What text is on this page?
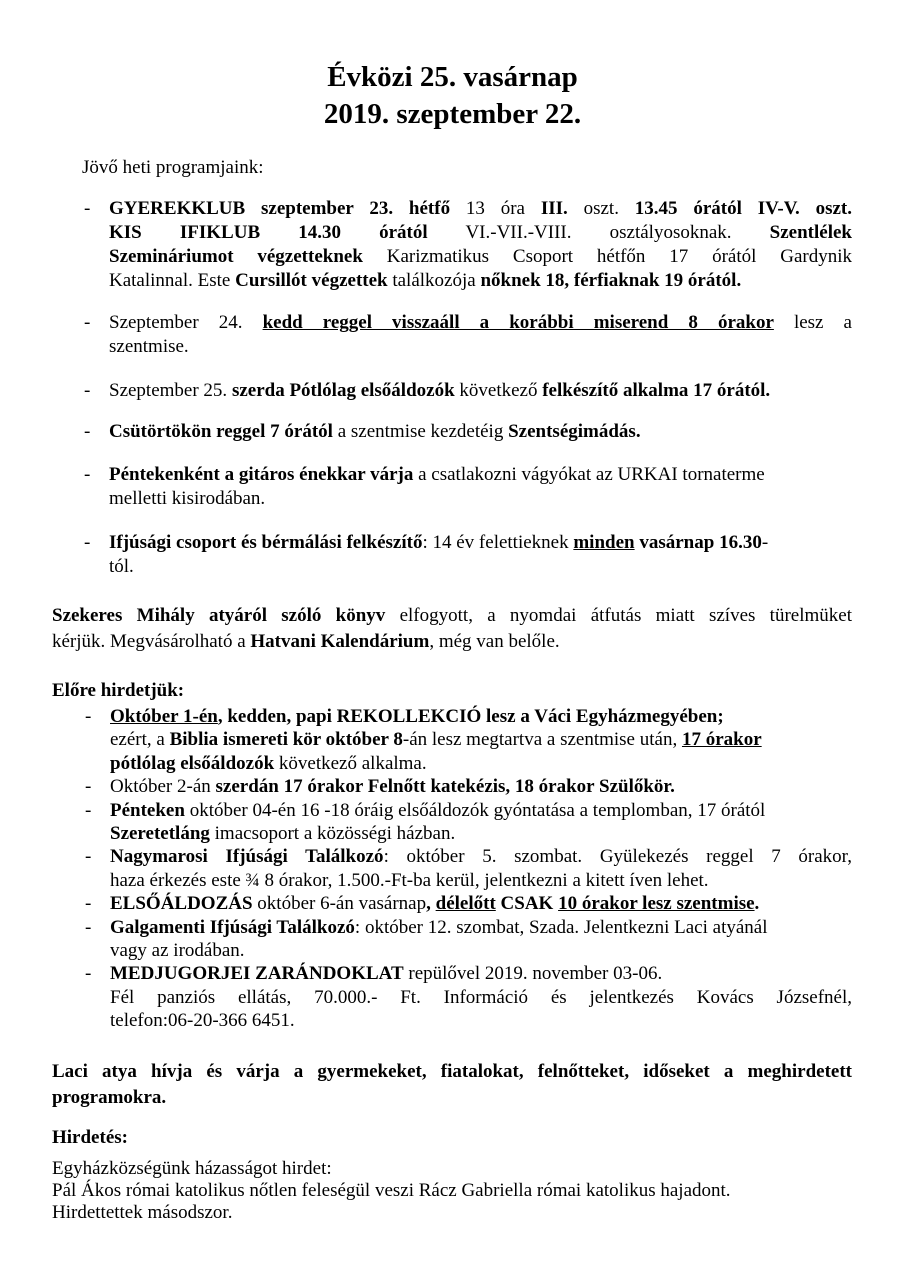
Évközi 25. vasárnap
2019. szeptember 22.
Jövő heti programjaink:
- GYEREKKLUB szeptember 23. hétfő 13 óra III. oszt. 13.45 órától IV-V. oszt.
KIS IFIKLUB 14.30 órától VI.-VII.-VIII. osztályosoknak. Szentlélek
Szemináriumot végzetteknek Karizmatikus Csoport hétfőn 17 órától Gardynik
Katalinnal. Este Cursillót végzettek találkozója nőknek 18, férfiaknak 19 órától.
- Szeptember 24. kedd reggel visszaáll a korábbi miserend 8 órakor lesz a
szentmise.
- Szeptember 25. szerda Pótlólag elsőáldozók következő felkészítő alkalma 17 órától.
- Csütörtökön reggel 7 órától a szentmise kezdetéig Szentségimádás.
- Péntekenként a gitáros énekkar várja a csatlakozni vágyókat az URKAI tornaterme
melletti kisirodában.
- Ifjúsági csoport és bérmálási felkészítő: 14 év felettieknek minden vasárnap 16.30-
tól.
Szekeres Mihály atyáról szóló könyv elfogyott, a nyomdai átfutás miatt szíves türelmüket
kérjük. Megvásárolható a Hatvani Kalendárium, még van belőle.
Előre hirdetjük:
- Október 1-én, kedden, papi REKOLLEKCIÓ lesz a Váci Egyházmegyében;
ezért, a Biblia ismereti kör október 8-án lesz megtartva a szentmise után, 17 órakor
pótlólag elsőáldozók következő alkalma.
- Október 2-án szerdán 17 órakor Felnőtt katekézis, 18 órakor Szülőkör.
- Pénteken október 04-én 16 -18 óráig elsőáldozók gyóntatása a templomban, 17 órától
Szeretetláng imacsoport a közösségi házban.
- Nagymarosi Ifjúsági Találkozó: október 5. szombat. Gyülekezés reggel 7 órakor,
haza érkezés este ¾ 8 órakor, 1.500.-Ft-ba kerül, jelentkezni a kitett íven lehet.
- ELSŐÁLDOZÁS október 6-án vasárnap, délelőtt CSAK 10 órakor lesz szentmise.
- Galgamenti Ifjúsági Találkozó: október 12. szombat, Szada. Jelentkezni Laci atyánál
vagy az irodában.
- MEDJUGORJEI ZARÁNDOKLAT repülővel 2019. november 03-06.
Fél panziós ellátás, 70.000.- Ft. Információ és jelentkezés Kovács Józsefnél,
telefon:06-20-366 6451.
Laci atya hívja és várja a gyermekeket, fiatalokat, felnőtteket, időseket a meghirdetett
programokra.
Hirdetés:
Egyházközségünk házasságot hirdet:
Pál Ákos római katolikus nőtlen feleségül veszi Rácz Gabriella római katolikus hajadont.
Hirdettettek másodszor.
